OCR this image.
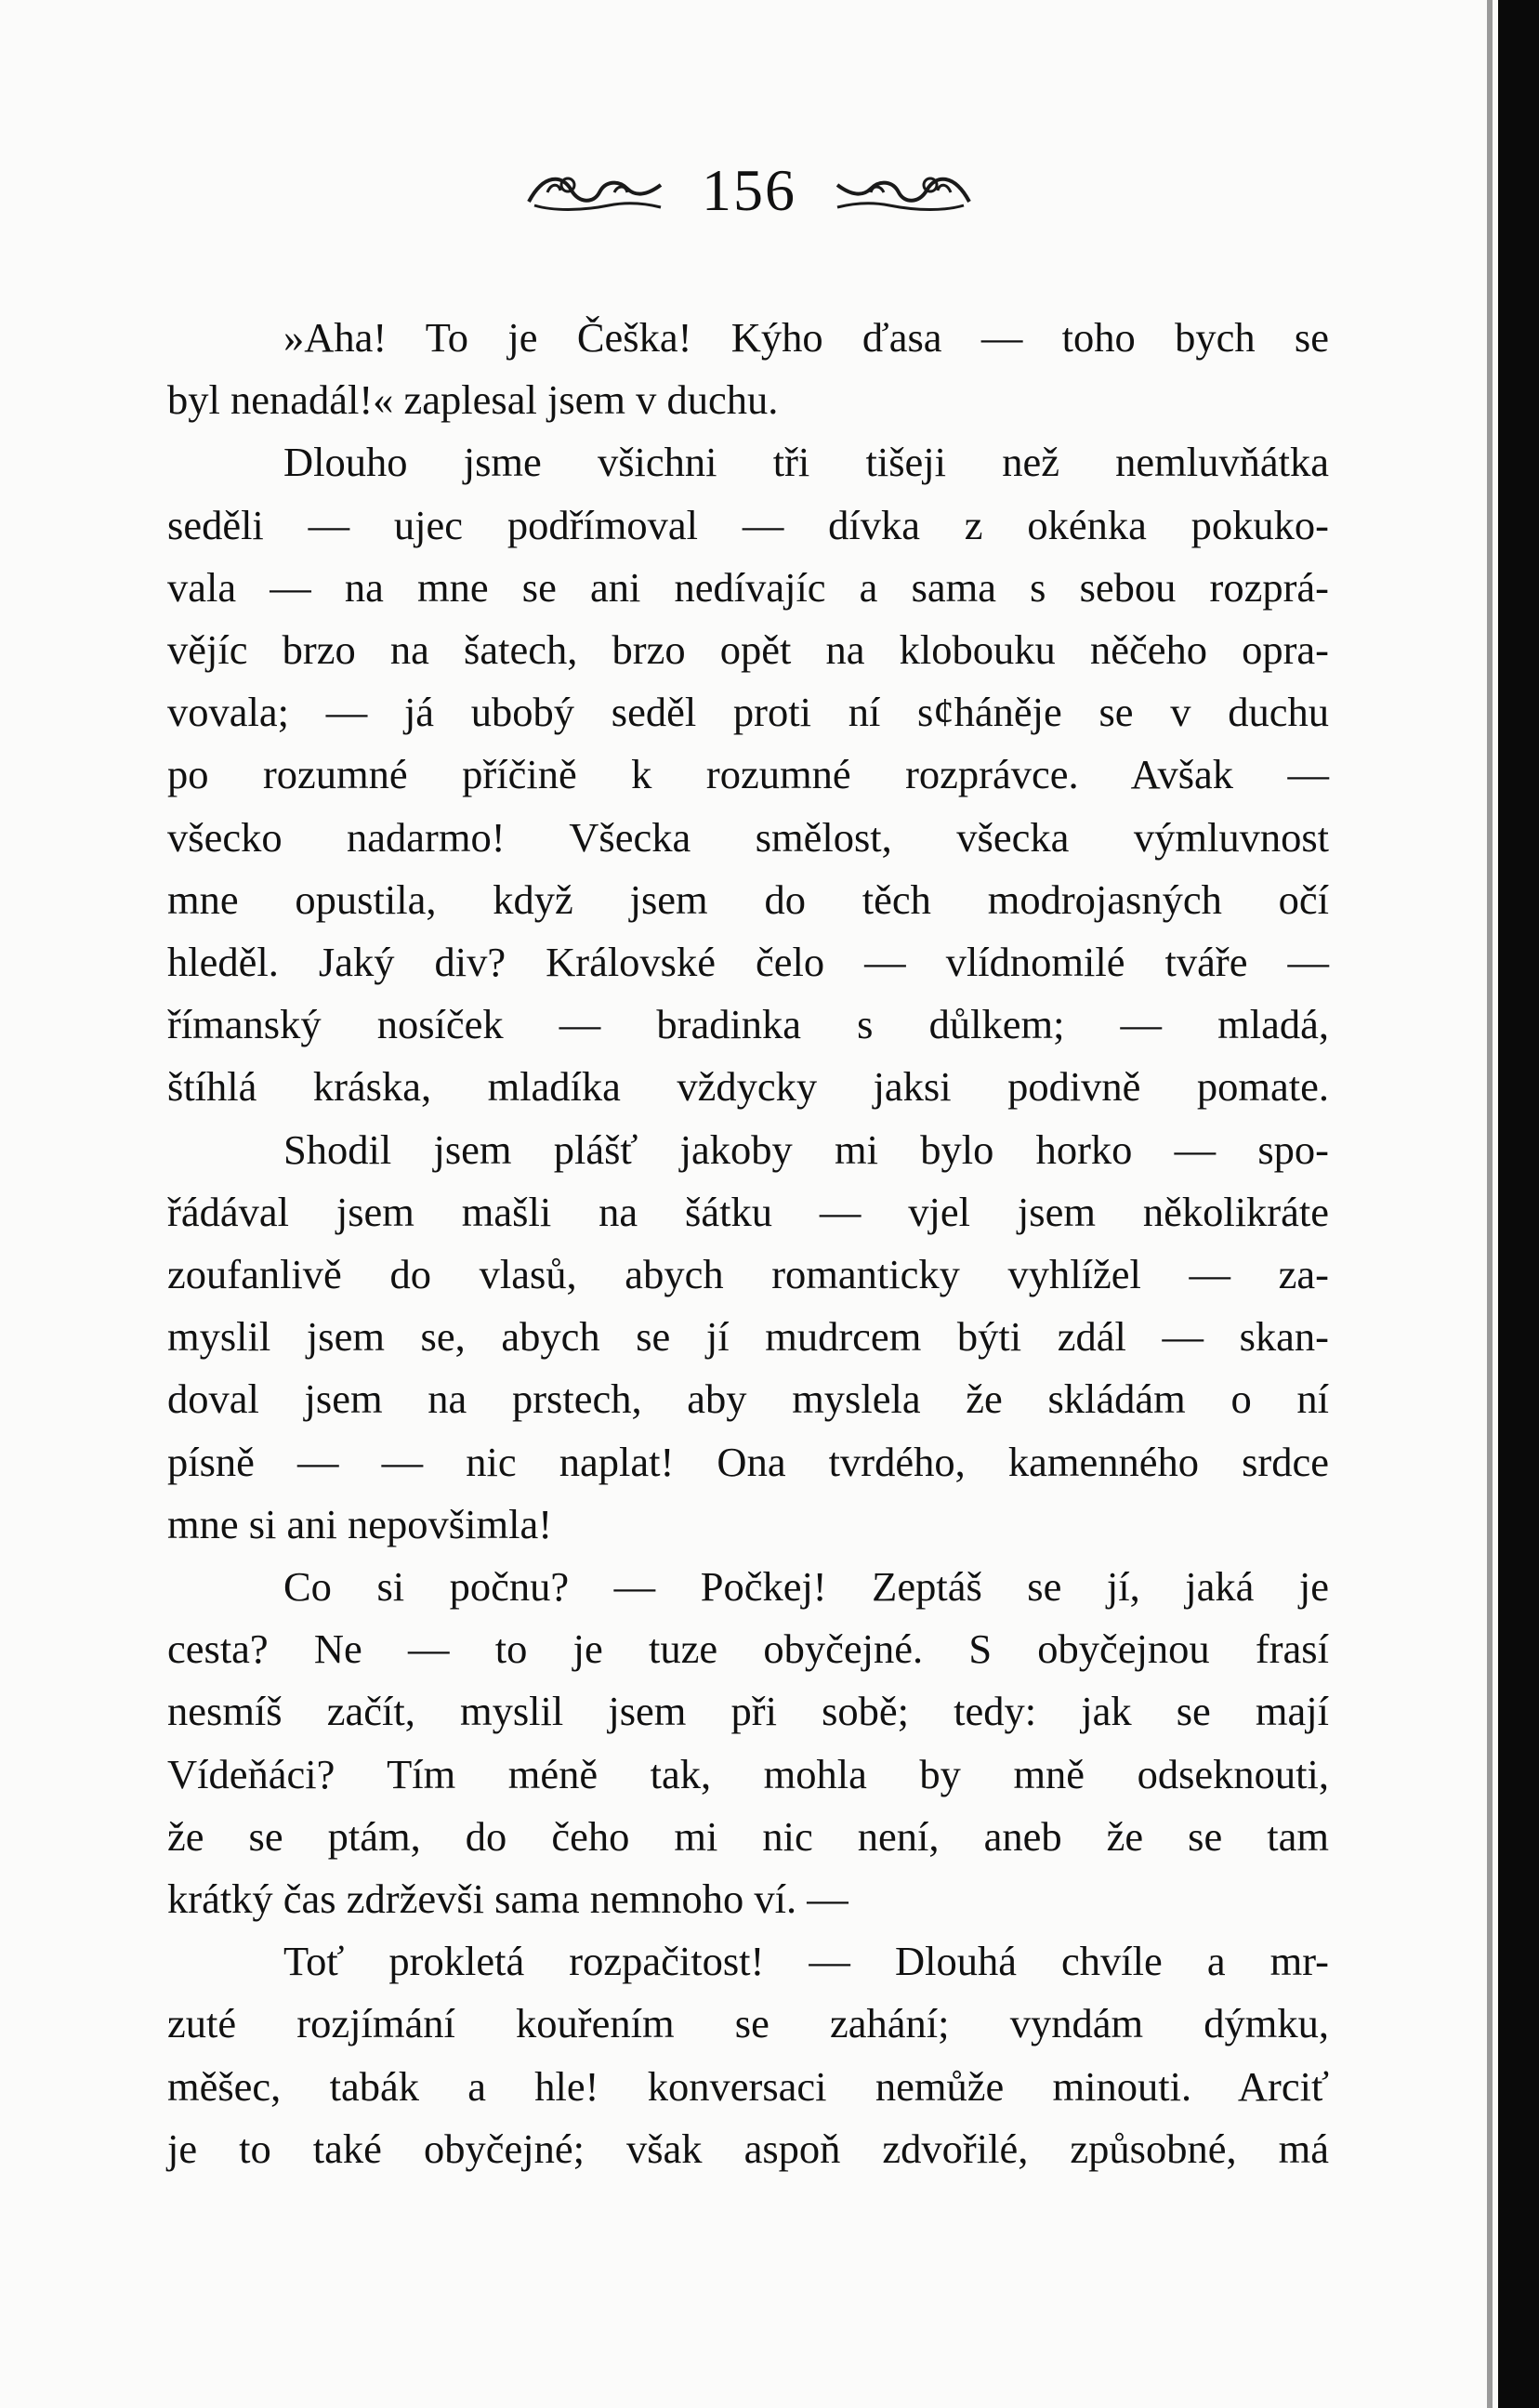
156

»Aha! To je Češka! Kýho ďasa — toho bych se
byl nenadál!« zaplesal jsem v duchu.

Dlouho jsme všichni tři tišeji než nemluvňátka
seděli — ujec podřímoval — dívka z okénka pokuko-
vala — na mne se ani nedívajíc a sama s sebou rozprá-
vějíc brzo na šatech, brzo opět na klobouku něčeho opra-
vovala; — já ubobý seděl proti ní s¢háněje se v duchu
po rozumné příčině k rozumné rozprávce. Avšak —
všecko nadarmo! Všecka smělost, všecka výmluvnost
mne opustila, když jsem do těch modrojasných očí
hleděl. Jaký div? Královské čelo — vlídnomilé tváře —
římanský nosíček — bradinka s důlkem; — mladá,
štíhlá kráska, mladíka vždycky jaksi podivně pomate.

Shodil jsem plášť jakoby mi bylo horko — spo-
řádával jsem mašli na šátku — vjel jsem několikráte
zoufanlivě do vlasů, abych romanticky vyhlížel — za-
myslil jsem se, abych se jí mudrcem býti zdál — skan-
doval jsem na prstech, aby myslela že skládám o ní
písně — — nic naplat! Ona tvrdého, kamenného srdce
mne si ani nepovšimla!

Co si počnu? — Počkej! Zeptáš se jí, jaká je
cesta? Ne — to je tuze obyčejné. S obyčejnou frasí
nesmíš začít, myslil jsem při sobě; tedy: jak se mají
Vídeňáci? Tím méně tak, mohla by mně odseknouti,
že se ptám, do čeho mi nic není, aneb že se tam
krátký čas zdrževši sama nemnoho ví. —

Toť prokletá rozpačitost! — Dlouhá chvíle a mr-
zuté rozjímání kouřením se zahání; vyndám dýmku,
měšec, tabák a hle! konversaci nemůže minouti. Arciť
je to také obyčejné; však aspoň zdvořilé, způsobné, má
